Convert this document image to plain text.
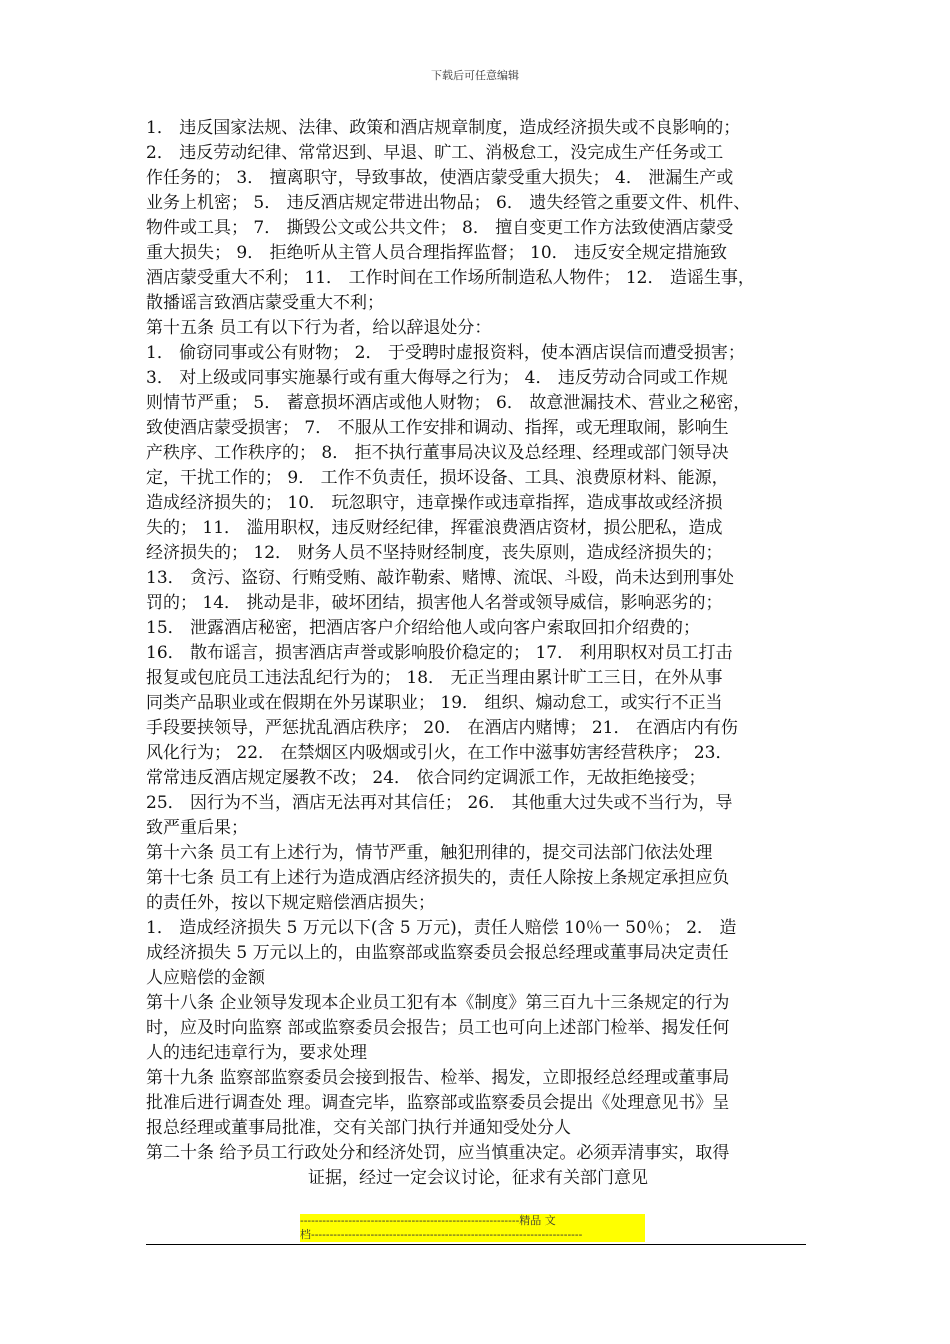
下载后可任意编辑
1． 违反国家法规、法律、政策和酒店规章制度，造成经济损失或不良影响的；
2． 违反劳动纪律、常常迟到、早退、旷工、消极怠工，没完成生产任务或工
作任务的； 3． 擅离职守，导致事故，使酒店蒙受重大损失； 4． 泄漏生产或
业务上机密； 5． 违反酒店规定带进出物品； 6． 遗失经管之重要文件、机件、
物件或工具； 7． 撕毁公文或公共文件； 8． 擅自变更工作方法致使酒店蒙受
重大损失； 9． 拒绝听从主管人员合理指挥监督； 10． 违反安全规定措施致
酒店蒙受重大不利； 11． 工作时间在工作场所制造私人物件； 12． 造谣生事，
散播谣言致酒店蒙受重大不利；
第十五条 员工有以下行为者，给以辞退处分：
1． 偷窃同事或公有财物； 2． 于受聘时虚报资料，使本酒店误信而遭受损害；
3． 对上级或同事实施暴行或有重大侮辱之行为； 4． 违反劳动合同或工作规
则情节严重； 5． 蓄意损坏酒店或他人财物； 6． 故意泄漏技术、营业之秘密，
致使酒店蒙受损害； 7． 不服从工作安排和调动、指挥，或无理取闹，影响生
产秩序、工作秩序的； 8． 拒不执行董事局决议及总经理、经理或部门领导决
定，干扰工作的； 9． 工作不负责任，损坏设备、工具、浪费原材料、能源，
造成经济损失的； 10． 玩忽职守，违章操作或违章指挥，造成事故或经济损
失的； 11． 滥用职权，违反财经纪律，挥霍浪费酒店资材，损公肥私，造成
经济损失的； 12． 财务人员不坚持财经制度，丧失原则，造成经济损失的；
13． 贪污、盗窃、行贿受贿、敲诈勒索、赌博、流氓、斗殴，尚未达到刑事处
罚的； 14． 挑动是非，破坏团结，损害他人名誉或领导威信，影响恶劣的；
15． 泄露酒店秘密，把酒店客户介绍给他人或向客户索取回扣介绍费的；
16． 散布谣言，损害酒店声誉或影响股价稳定的； 17． 利用职权对员工打击
报复或包庇员工违法乱纪行为的； 18． 无正当理由累计旷工三日，在外从事
同类产品职业或在假期在外另谋职业； 19． 组织、煽动怠工，或实行不正当
手段要挟领导，严惩扰乱酒店秩序； 20． 在酒店内赌博； 21． 在酒店内有伤
风化行为； 22． 在禁烟区内吸烟或引火，在工作中滋事妨害经营秩序； 23．
常常违反酒店规定屡教不改； 24． 依合同约定调派工作，无故拒绝接受；
25． 因行为不当，酒店无法再对其信任； 26． 其他重大过失或不当行为，导
致严重后果；
第十六条 员工有上述行为，情节严重，触犯刑律的，提交司法部门依法处理
第十七条 员工有上述行为造成酒店经济损失的，责任人除按上条规定承担应负
的责任外，按以下规定赔偿酒店损失；
1． 造成经济损失 5 万元以下(含 5 万元)，责任人赔偿 10％一 50％； 2． 造
成经济损失 5 万元以上的，由监察部或监察委员会报总经理或董事局决定责任
人应赔偿的金额
第十八条 企业领导发现本企业员工犯有本《制度》第三百九十三条规定的行为
时，应及时向监察 部或监察委员会报告；员工也可向上述部门检举、揭发任何
人的违纪违章行为，要求处理
第十九条 监察部监察委员会接到报告、检举、揭发，立即报经总经理或董事局
批准后进行调查处 理。调查完毕，监察部或监察委员会提出《处理意见书》呈
报总经理或董事局批准，交有关部门执行并通知受处分人
第二十条 给予员工行政处分和经济处罚，应当慎重决定。必须弄清事实，取得
证据，经过一定会议讨论，征求有关部门意见
-----------------------------------------------------------精品 文
档-------------------------------------------------------------------------
